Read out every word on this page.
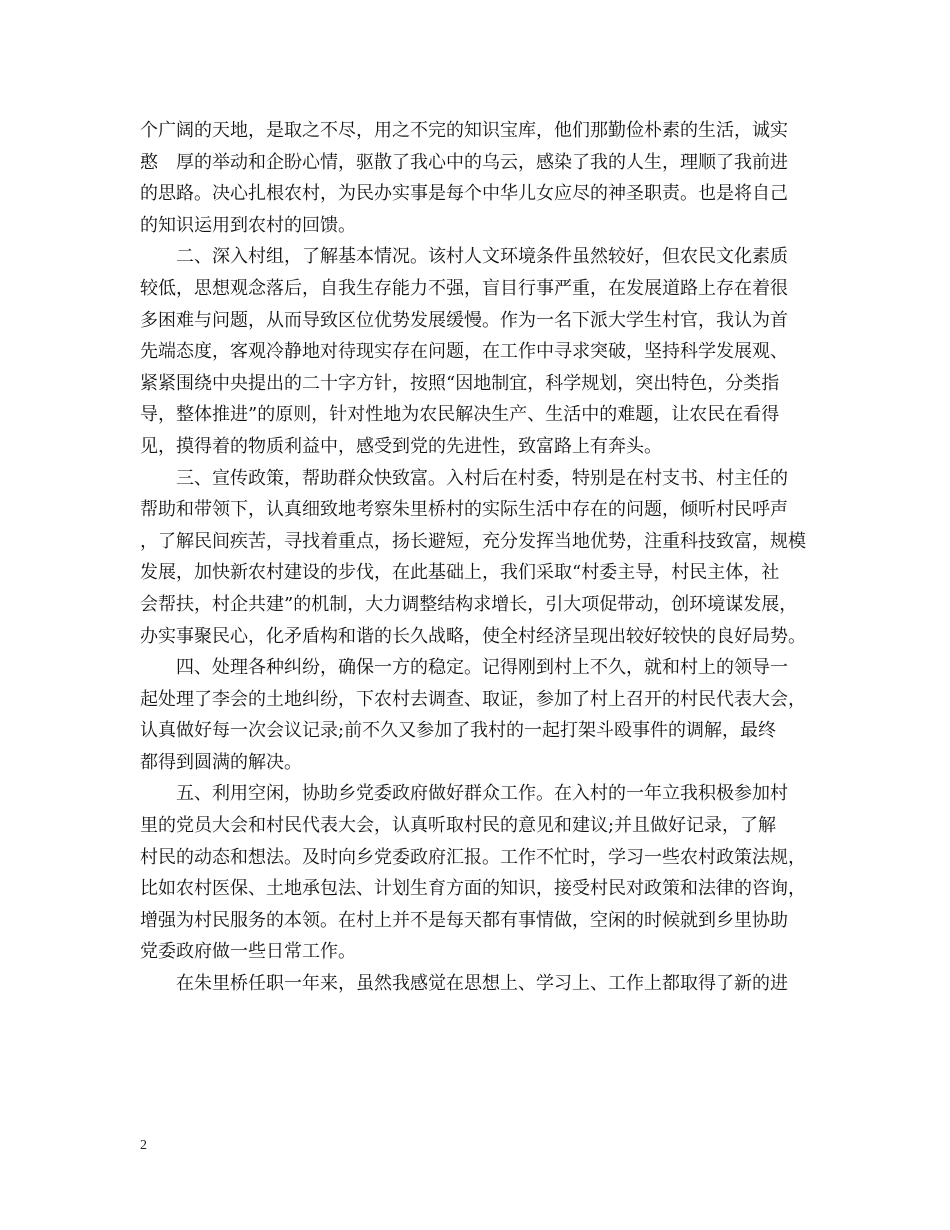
个广阔的天地，是取之不尽，用之不完的知识宝库，他们那勤俭朴素的生活，诚实
憨　厚的举动和企盼心情，驱散了我心中的乌云，感染了我的人生，理顺了我前进
的思路。决心扎根农村，为民办实事是每个中华儿女应尽的神圣职责。也是将自己
的知识运用到农村的回馈。
　　二、深入村组，了解基本情况。该村人文环境条件虽然较好，但农民文化素质
较低，思想观念落后，自我生存能力不强，盲目行事严重，在发展道路上存在着很
多困难与问题，从而导致区位优势发展缓慢。作为一名下派大学生村官，我认为首
先端态度，客观冷静地对待现实存在问题，在工作中寻求突破，坚持科学发展观、
紧紧围绕中央提出的二十字方针，按照“因地制宜，科学规划，突出特色，分类指
导，整体推进”的原则，针对性地为农民解决生产、生活中的难题，让农民在看得
见，摸得着的物质利益中，感受到党的先进性，致富路上有奔头。
　　三、宣传政策，帮助群众快致富。入村后在村委，特别是在村支书、村主任的
帮助和带领下，认真细致地考察朱里桥村的实际生活中存在的问题，倾听村民呼声
，了解民间疾苦，寻找着重点，扬长避短，充分发挥当地优势，注重科技致富，规模
发展，加快新农村建设的步伐，在此基础上，我们采取“村委主导，村民主体，社
会帮扶，村企共建”的机制，大力调整结构求增长，引大项促带动，创环境谋发展，
办实事聚民心，化矛盾构和谐的长久战略，使全村经济呈现出较好较快的良好局势。
　　四、处理各种纠纷，确保一方的稳定。记得刚到村上不久，就和村上的领导一
起处理了李会的土地纠纷，下农村去调查、取证，参加了村上召开的村民代表大会，
认真做好每一次会议记录;前不久又参加了我村的一起打架斗殴事件的调解，最终
都得到圆满的解决。
　　五、利用空闲，协助乡党委政府做好群众工作。在入村的一年立我积极参加村
里的党员大会和村民代表大会，认真听取村民的意见和建议;并且做好记录，了解
村民的动态和想法。及时向乡党委政府汇报。工作不忙时，学习一些农村政策法规，
比如农村医保、土地承包法、计划生育方面的知识，接受村民对政策和法律的咨询，
增强为村民服务的本领。在村上并不是每天都有事情做，空闲的时候就到乡里协助
党委政府做一些日常工作。
　　在朱里桥任职一年来，虽然我感觉在思想上、学习上、工作上都取得了新的进
2
